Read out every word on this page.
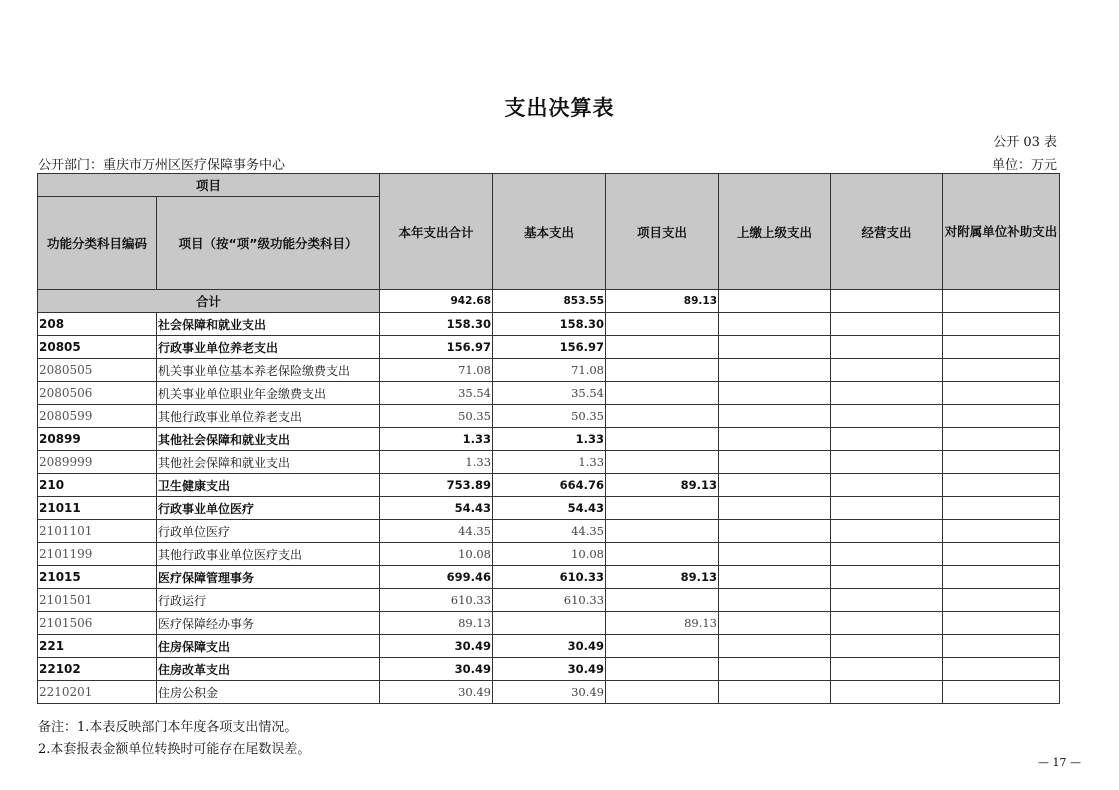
支出决算表
公开 03 表
公开部门：重庆市万州区医疗保障事务中心	单位：万元
项目		本年支出合计	基本支出	项目支出	上缴上级支出	经营支出	对附属单位补助支出
功能分类科目编码	项目（按“项”级功能分类科目）						
合计		942.68	853.55	89.13			
208	社会保障和就业支出	158.30	158.30				
20805	行政事业单位养老支出	156.97	156.97				
2080505	机关事业单位基本养老保险缴费支出	71.08	71.08				
2080506	机关事业单位职业年金缴费支出	35.54	35.54				
2080599	其他行政事业单位养老支出	50.35	50.35				
20899	其他社会保障和就业支出	1.33	1.33				
2089999	其他社会保障和就业支出	1.33	1.33				
210	卫生健康支出	753.89	664.76	89.13			
21011	行政事业单位医疗	54.43	54.43				
2101101	行政单位医疗	44.35	44.35				
2101199	其他行政事业单位医疗支出	10.08	10.08				
21015	医疗保障管理事务	699.46	610.33	89.13			
2101501	行政运行	610.33	610.33				
2101506	医疗保障经办事务	89.13		89.13			
221	住房保障支出	30.49	30.49				
22102	住房改革支出	30.49	30.49				
2210201	住房公积金	30.49	30.49				
备注：1.本表反映部门本年度各项支出情况。
2.本套报表金额单位转换时可能存在尾数误差。
— 17 —
